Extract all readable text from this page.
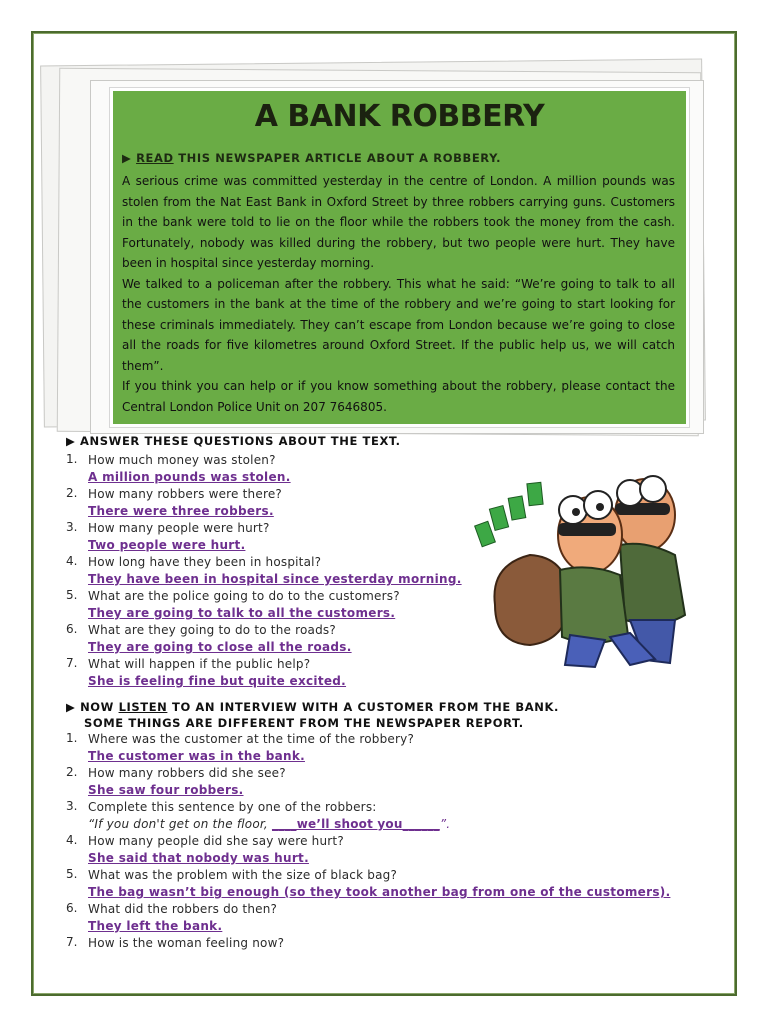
A BANK ROBBERY
▶ READ THIS NEWSPAPER ARTICLE ABOUT A ROBBERY.

A serious crime was committed yesterday in the centre of London. A million pounds was stolen from the Nat East Bank in Oxford Street by three robbers carrying guns. Customers in the bank were told to lie on the floor while the robbers took the money from the cash. Fortunately, nobody was killed during the robbery, but two people were hurt. They have been in hospital since yesterday morning.

We talked to a policeman after the robbery. This what he said: “We’re going to talk to all the customers in the bank at the time of the robbery and we’re going to start looking for these criminals immediately. They can’t escape from London because we’re going to close all the roads for five kilometres around Oxford Street. If the public help us, we will catch them”.

If you think you can help or if you know something about the robbery, please contact the Central London Police Unit on 207 7646805.

▶ ANSWER THESE QUESTIONS ABOUT THE TEXT.
1. How much money was stolen?
A million pounds was stolen.
2. How many robbers were there?
There were three robbers.
3. How many people were hurt?
Two people were hurt.
4. How long have they been in hospital?
They have been in hospital since yesterday morning.
5. What are the police going to do to the customers?
They are going to talk to all the customers.
6. What are they going to do to the roads?
They are going to close all the roads.
7. What will happen if the public help?
She is feeling fine but quite excited.
▶ NOW LISTEN TO AN INTERVIEW WITH A CUSTOMER FROM THE BANK.
SOME THINGS ARE DIFFERENT FROM THE NEWSPAPER REPORT.
1. Where was the customer at the time of the robbery?
The customer was in the bank.
2. How many robbers did she see?
She saw four robbers.
3. Complete this sentence by one of the robbers:
“If you don't get on the floor, ____we’ll shoot you______”.
4. How many people did she say were hurt?
She said that nobody was hurt.
5. What was the problem with the size of black bag?
The bag wasn’t big enough (so they took another bag from one of the customers).
6. What did the robbers do then?
They left the bank.
7. How is the woman feeling now?
